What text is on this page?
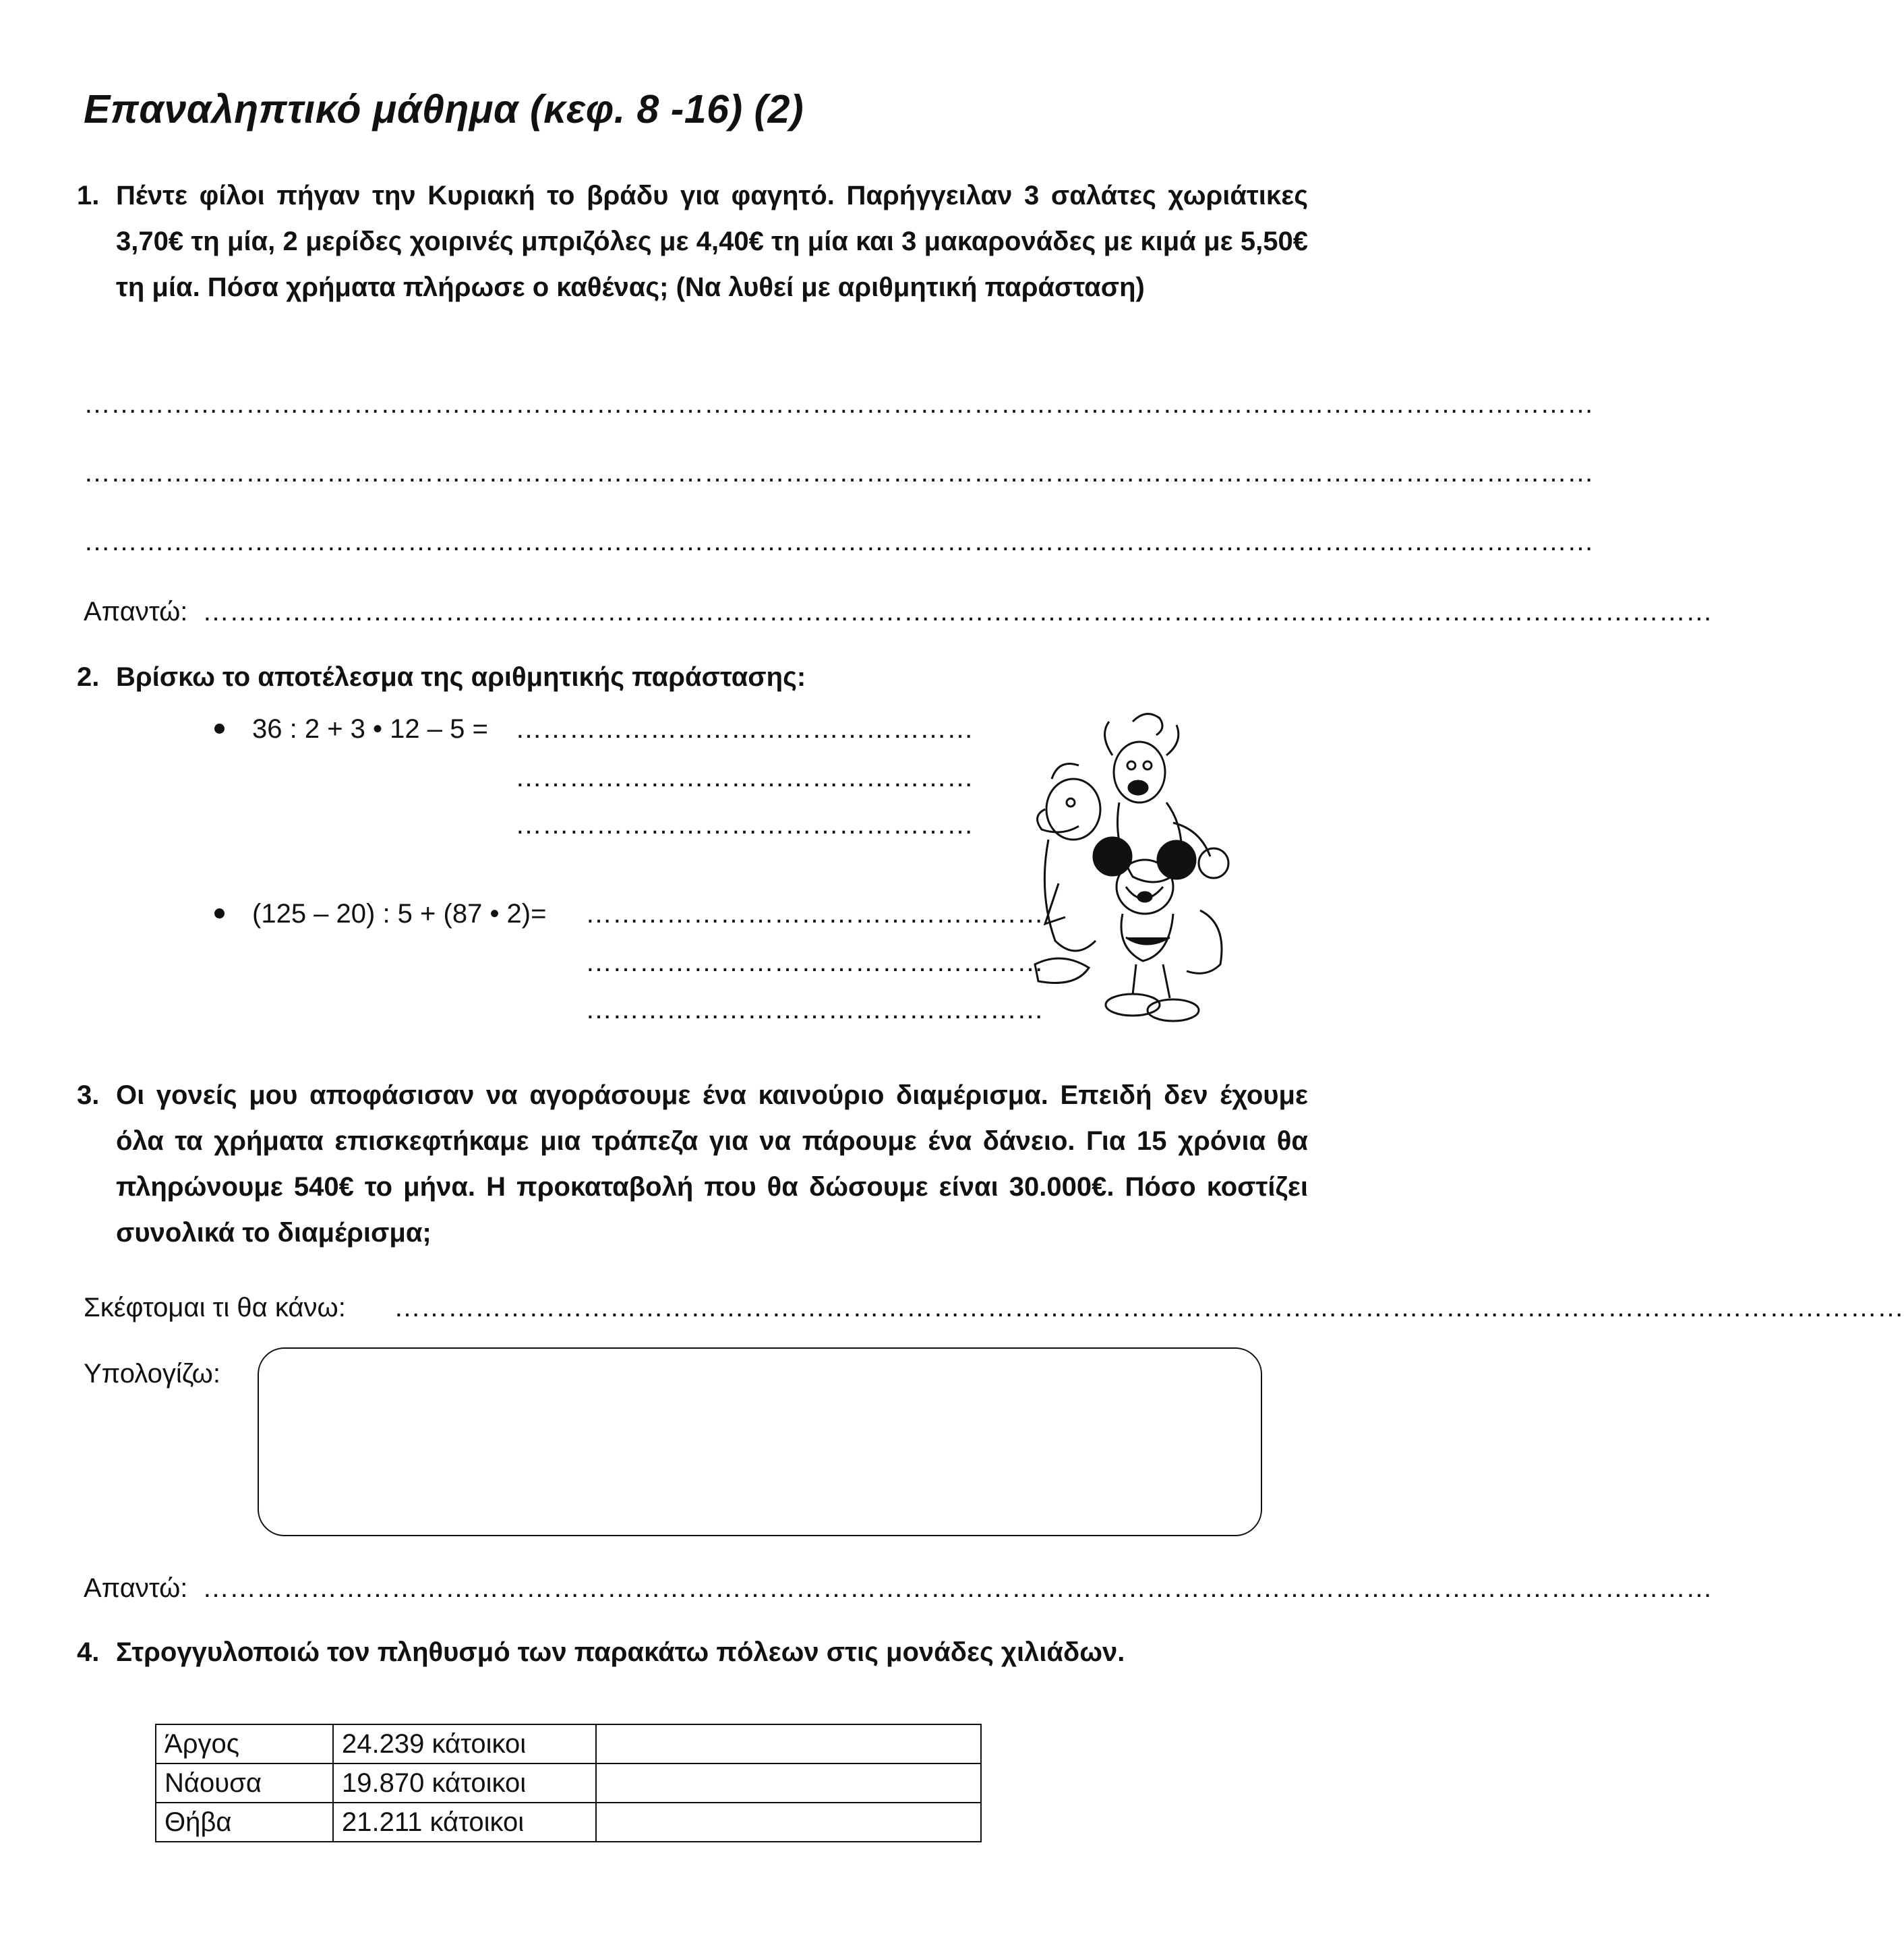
Επαναληπτικό μάθημα (κεφ. 8 -16) (2)
1. Πέντε φίλοι πήγαν την Κυριακή το βράδυ για φαγητό. Παρήγγειλαν 3 σαλάτες χωριάτικες 3,70€ τη μία, 2 μερίδες χοιρινές μπριζόλες με 4,40€ τη μία και 3 μακαρονάδες με κιμά με 5,50€ τη μία. Πόσα χρήματα πλήρωσε ο καθένας; (Να λυθεί με αριθμητική παράσταση)
……………………………………………………………………………………………………………………………………………………
……………………………………………………………………………………………………………………………………………………
……………………………………………………………………………………………………………………………………………………
Απαντώ: ……………………………………………………………………………………………………………………………………………………
2. Βρίσκω το αποτέλεσμα της αριθμητικής παράστασης:
36 : 2 + 3 • 12 – 5 = ……………………………………………
……………………………………………
……………………………………………
(125 – 20) : 5 + (87 • 2)= ……………………………………………
……………………………………………
……………………………………………
3. Οι γονείς μου αποφάσισαν να αγοράσουμε ένα καινούριο διαμέρισμα. Επειδή δεν έχουμε όλα τα χρήματα επισκεφτήκαμε μια τράπεζα για να πάρουμε ένα δάνειο. Για 15 χρόνια θα πληρώνουμε 540€ το μήνα. Η προκαταβολή που θα δώσουμε είναι 30.000€. Πόσο κοστίζει συνολικά το διαμέρισμα;
Σκέφτομαι τι θα κάνω: ……………………………………………………………………………………………………………………………………………………
Υπολογίζω:
Απαντώ: ……………………………………………………………………………………………………………………………………………………
4. Στρογγυλοποιώ τον πληθυσμό των παρακάτω πόλεων στις μονάδες χιλιάδων.
Άργος	24.239 κάτοικοι	
Νάουσα	19.870 κάτοικοι	
Θήβα	21.211 κάτοικοι	
